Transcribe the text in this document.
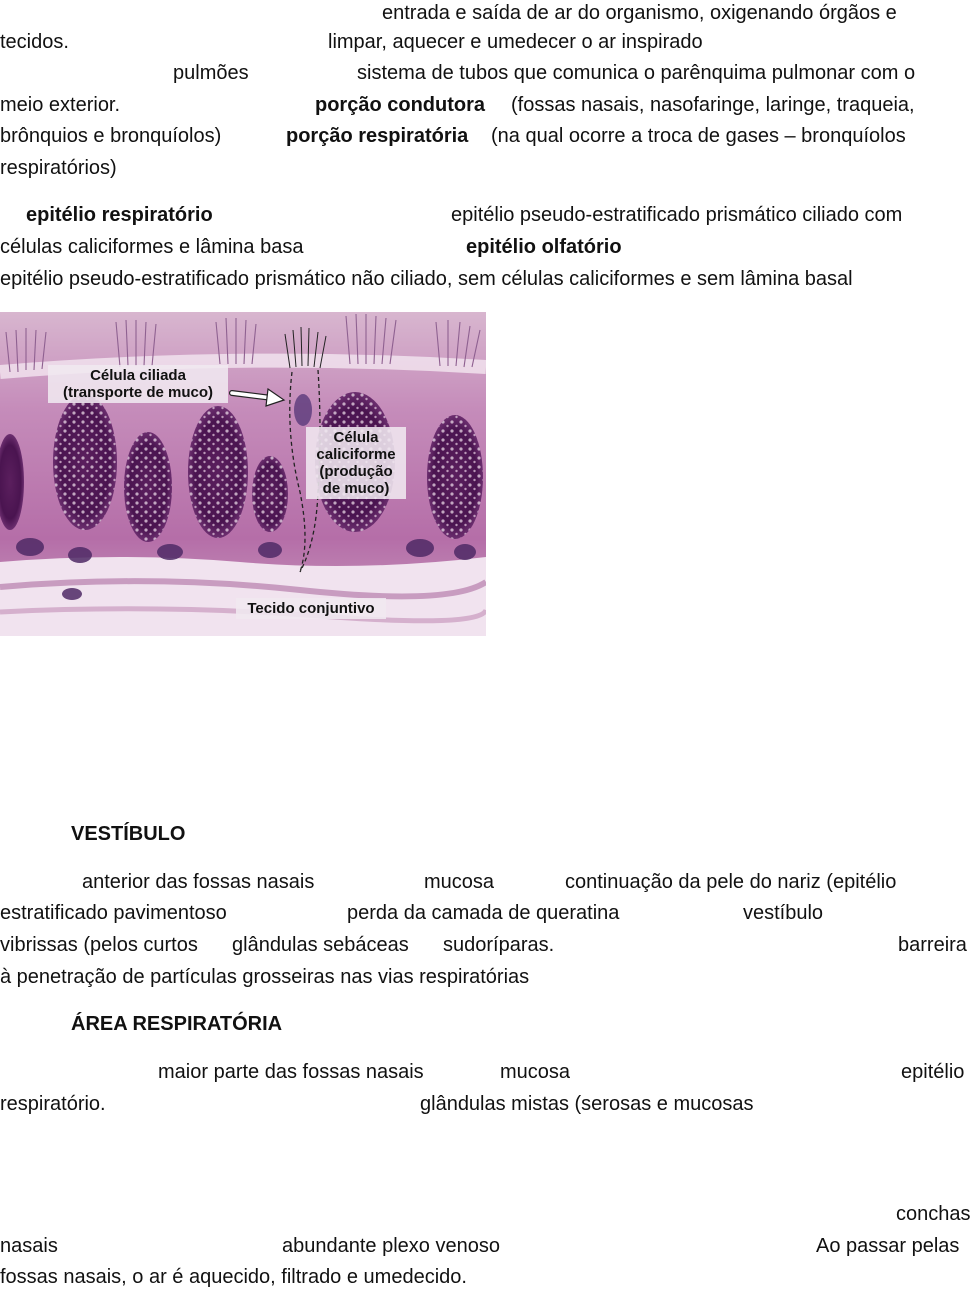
entrada e saída de ar do organismo, oxigenando órgãos e
tecidos.	limpar, aquecer e umedecer o ar inspirado
pulmões	sistema de tubos que comunica o parênquima pulmonar com o
meio exterior.	porção condutora (fossas nasais, nasofaringe, laringe, traqueia,
brônquios e bronquíolos)	porção respiratória (na qual ocorre a troca de gases – bronquíolos
respiratórios)
epitélio respiratório	epitélio pseudo-estratificado prismático ciliado com
células caliciformes e lâmina basa	epitélio olfatório
epitélio pseudo-estratificado prismático não ciliado, sem células caliciformes e sem lâmina basal
Célula ciliada (transporte de muco)
Célula caliciforme (produção de muco)
Tecido conjuntivo
VESTÍBULO
anterior das fossas nasais	mucosa	continuação da pele do nariz (epitélio
estratificado pavimentoso	perda da camada de queratina	vestíbulo
vibrissas (pelos curtos glândulas sebáceas sudoríparas.	barreira
à penetração de partículas grosseiras nas vias respiratórias
ÁREA RESPIRATÓRIA
maior parte das fossas nasais	mucosa	epitélio
respiratório.	glândulas mistas (serosas e mucosas
conchas
nasais	abundante plexo venoso	Ao passar pelas
fossas nasais, o ar é aquecido, filtrado e umedecido.
